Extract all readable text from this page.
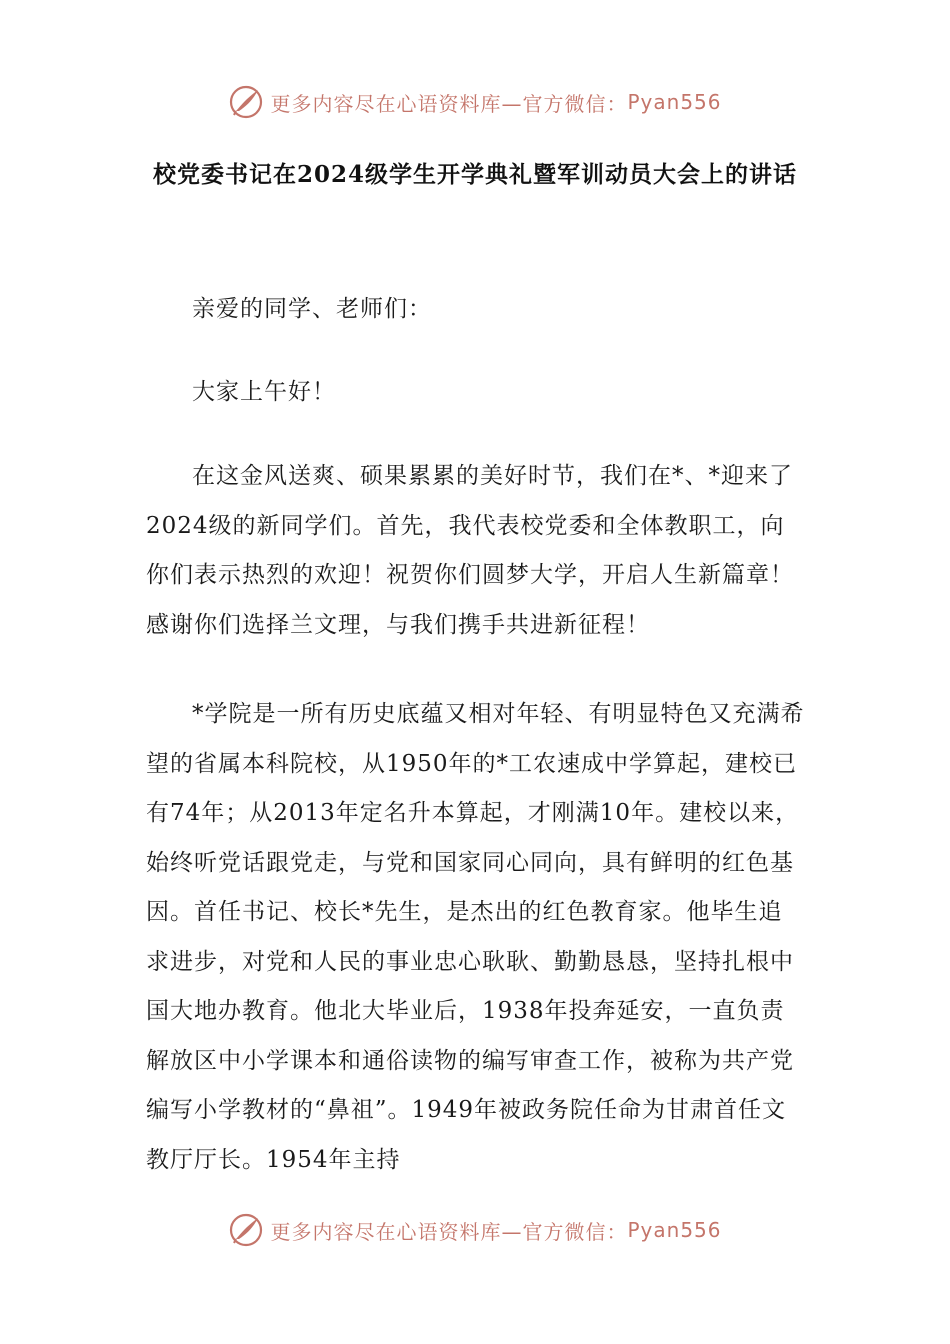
更多内容尽在心语资料库—官方微信： Pyan556
校党委书记在2024级学生开学典礼暨军训动员大会上的讲话

亲爱的同学、老师们：

大家上午好！

在这金风送爽、硕果累累的美好时节，我们在*、*迎来了2024级的新同学们。首先，我代表校党委和全体教职工，向你们表示热烈的欢迎！祝贺你们圆梦大学，开启人生新篇章！感谢你们选择兰文理，与我们携手共进新征程！

*学院是一所有历史底蕴又相对年轻、有明显特色又充满希望的省属本科院校，从1950年的*工农速成中学算起，建校已有74年；从2013年定名升本算起，才刚满10年。建校以来，始终听党话跟党走，与党和国家同心同向，具有鲜明的红色基因。首任书记、校长*先生，是杰出的红色教育家。他毕生追求进步，对党和人民的事业忠心耿耿、勤勤恳恳，坚持扎根中国大地办教育。他北大毕业后，1938年投奔延安，一直负责解放区中小学课本和通俗读物的编写审查工作，被称为共产党编写小学教材的“鼻祖”。1949年被政务院任命为甘肃首任文教厅厅长。1954年主持

更多内容尽在心语资料库—官方微信： Pyan556
